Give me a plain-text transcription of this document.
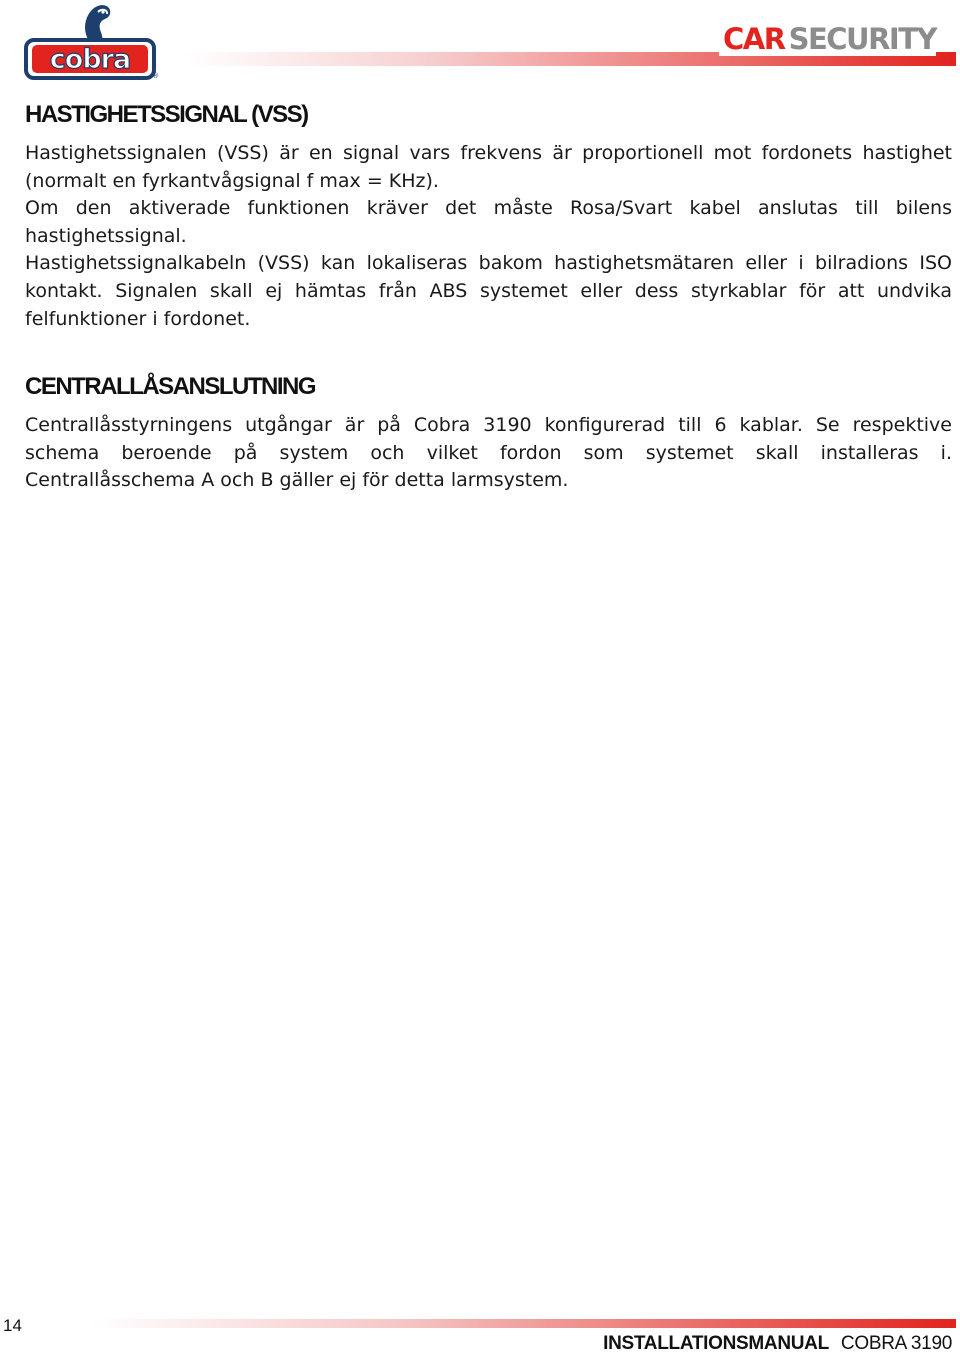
cobra
®
CAR SECURITY
HASTIGHETSSIGNAL (VSS)
Hastighetssignalen (VSS) är en signal vars frekvens är proportionell mot fordonets hastighet
(normalt en fyrkantvågsignal f max = KHz).
Om den aktiverade funktionen kräver det måste Rosa/Svart kabel anslutas till bilens
hastighetssignal.
Hastighetssignalkabeln (VSS) kan lokaliseras bakom hastighetsmätaren eller i bilradions ISO
kontakt. Signalen skall ej hämtas från ABS systemet eller dess styrkablar för att undvika
felfunktioner i fordonet.
CENTRALLÅSANSLUTNING
Centrallåsstyrningens utgångar är på Cobra 3190 konfigurerad till 6 kablar. Se respektive
schema beroende på system och vilket fordon som systemet skall installeras i.
Centrallåsschema A och B gäller ej för detta larmsystem.
14
INSTALLATIONSMANUAL COBRA 3190
